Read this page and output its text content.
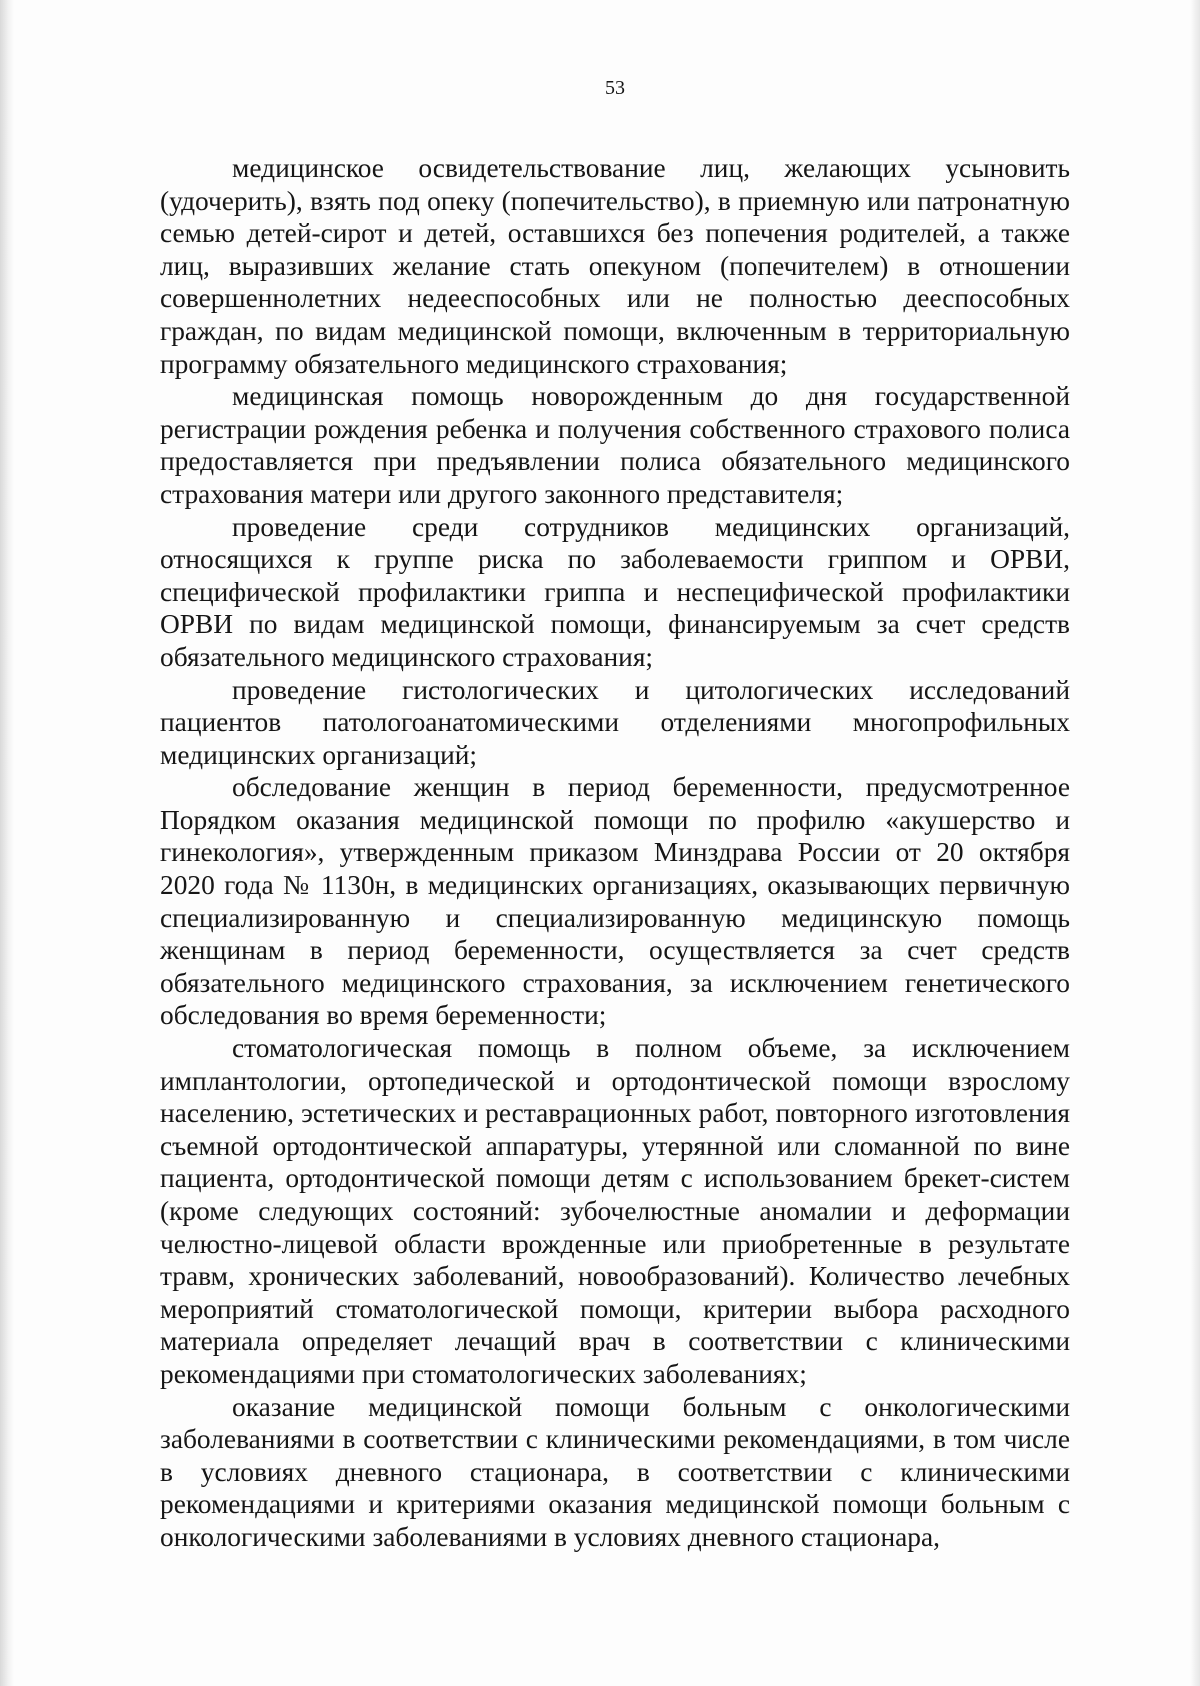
53

медицинское освидетельствование лиц, желающих усыновить (удочерить), взять под опеку (попечительство), в приемную или патронатную семью детей-сирот и детей, оставшихся без попечения родителей, а также лиц, выразивших желание стать опекуном (попечителем) в отношении совершеннолетних недееспособных или не полностью дееспособных граждан, по видам медицинской помощи, включенным в территориальную программу обязательного медицинского страхования;

медицинская помощь новорожденным до дня государственной регистрации рождения ребенка и получения собственного страхового полиса предоставляется при предъявлении полиса обязательного медицинского страхования матери или другого законного представителя;

проведение среди сотрудников медицинских организаций, относящихся к группе риска по заболеваемости гриппом и ОРВИ, специфической профилактики гриппа и неспецифической профилактики ОРВИ по видам медицинской помощи, финансируемым за счет средств обязательного медицинского страхования;

проведение гистологических и цитологических исследований пациентов патологоанатомическими отделениями многопрофильных медицинских организаций;

обследование женщин в период беременности, предусмотренное Порядком оказания медицинской помощи по профилю «акушерство и гинекология», утвержденным приказом Минздрава России от 20 октября 2020 года № 1130н, в медицинских организациях, оказывающих первичную специализированную и специализированную медицинскую помощь женщинам в период беременности, осуществляется за счет средств обязательного медицинского страхования, за исключением генетического обследования во время беременности;

стоматологическая помощь в полном объеме, за исключением имплантологии, ортопедической и ортодонтической помощи взрослому населению, эстетических и реставрационных работ, повторного изготовления съемной ортодонтической аппаратуры, утерянной или сломанной по вине пациента, ортодонтической помощи детям с использованием брекет-систем (кроме следующих состояний: зубочелюстные аномалии и деформации челюстно-лицевой области врожденные или приобретенные в результате травм, хронических заболеваний, новообразований). Количество лечебных мероприятий стоматологической помощи, критерии выбора расходного материала определяет лечащий врач в соответствии с клиническими рекомендациями при стоматологических заболеваниях;

оказание медицинской помощи больным с онкологическими заболеваниями в соответствии с клиническими рекомендациями, в том числе в условиях дневного стационара, в соответствии с клиническими рекомендациями и критериями оказания медицинской помощи больным с онкологическими заболеваниями в условиях дневного стационара,
